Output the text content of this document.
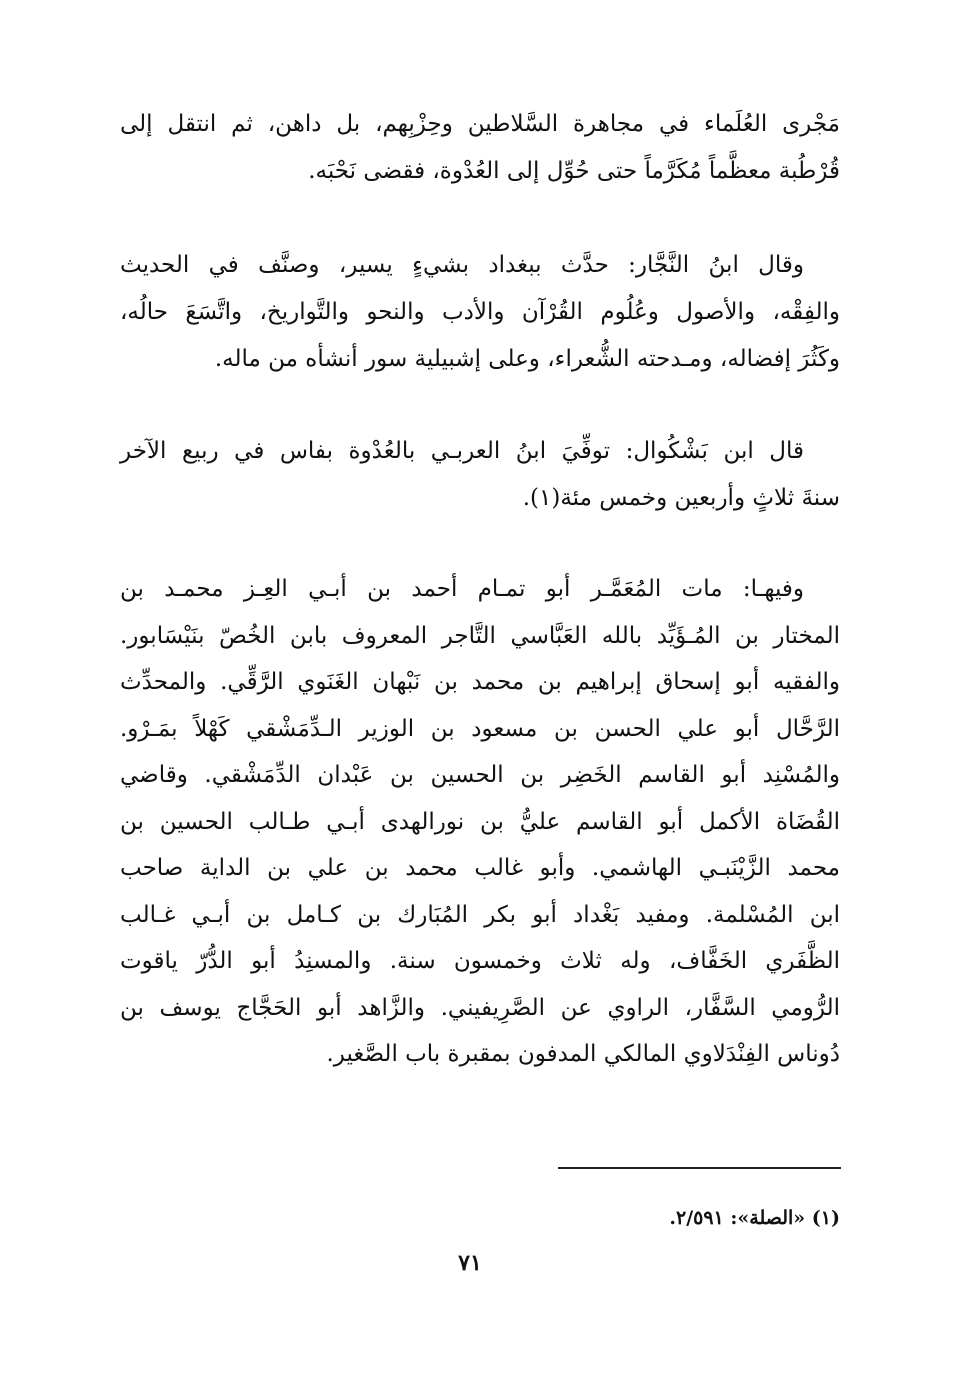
مَجْرى العُلَماء في مجاهرة السَّلاطين وحِزْبِهم، بل داهن، ثم انتقل إلى
قُرْطُبة معظَّماً مُكَرَّماً حتى حُوِّل إلى العُدْوة، فقضى نَحْبَه.
وقال ابنُ النَّجَّار: حدَّث ببغداد بشيءٍ يسير، وصنَّف في الحديث
والفِقْه، والأصول وعُلُوم القُرْآن والأدب والنحو والتَّواريخ، واتَّسَعَ حالُه،
وكَثُرَ إفضاله، ومـدحته الشُّعراء، وعلى إشبيلية سور أنشأه من ماله.
قال ابن بَشْكُوال: توفِّيَ ابنُ العربـي بالعُدْوة بفاس في ربيع الآخر
سنةَ ثلاثٍ وأربعين وخمس مئة(١).
وفيهـا: مات المُعَمَّـر أبو تمـام أحمد بن أبـي العِـز محمـد بن
المختار بن المُـؤَيِّد بالله العَبَّاسي التَّاجر المعروف بابن الخُصّ بنَيْسَابور.
والفقيه أبو إسحاق إبراهيم بن محمد بن نَبْهان الغَنَوي الرَّقِّي. والمحدِّث
الرَّحَّال أبو علي الحسن بن مسعود بن الوزير الـدِّمَشْقي كَهْلاً بمَـرْو.
والمُسْنِد أبو القاسم الخَضِر بن الحسين بن عَبْدان الدِّمَشْقي. وقاضي
القُضَاة الأكمل أبو القاسم عليُّ بن نورالهدى أبـي طـالب الحسين بن
محمد الزَّيْنَبـي الهاشمي. وأبو غالب محمد بن علي بن الداية صاحب
ابن المُسْلمة. ومفيد بَغْداد أبو بكر المُبَارك بن كـامل بن أبـي غـالب
الظَّفَري الخَفَّاف، وله ثلاث وخمسون سنة. والمسنِدُ أبو الدُّرّ ياقوت
الرُّومي السَّفَّار، الراوي عن الصَّرِيفيني. والزَّاهد أبو الحَجَّاج يوسف بن
دُوناس الفِنْدَلاوي المالكي المدفون بمقبرة باب الصَّغير.
(١) «الصلة»: ٢/٥٩١.
٧١
